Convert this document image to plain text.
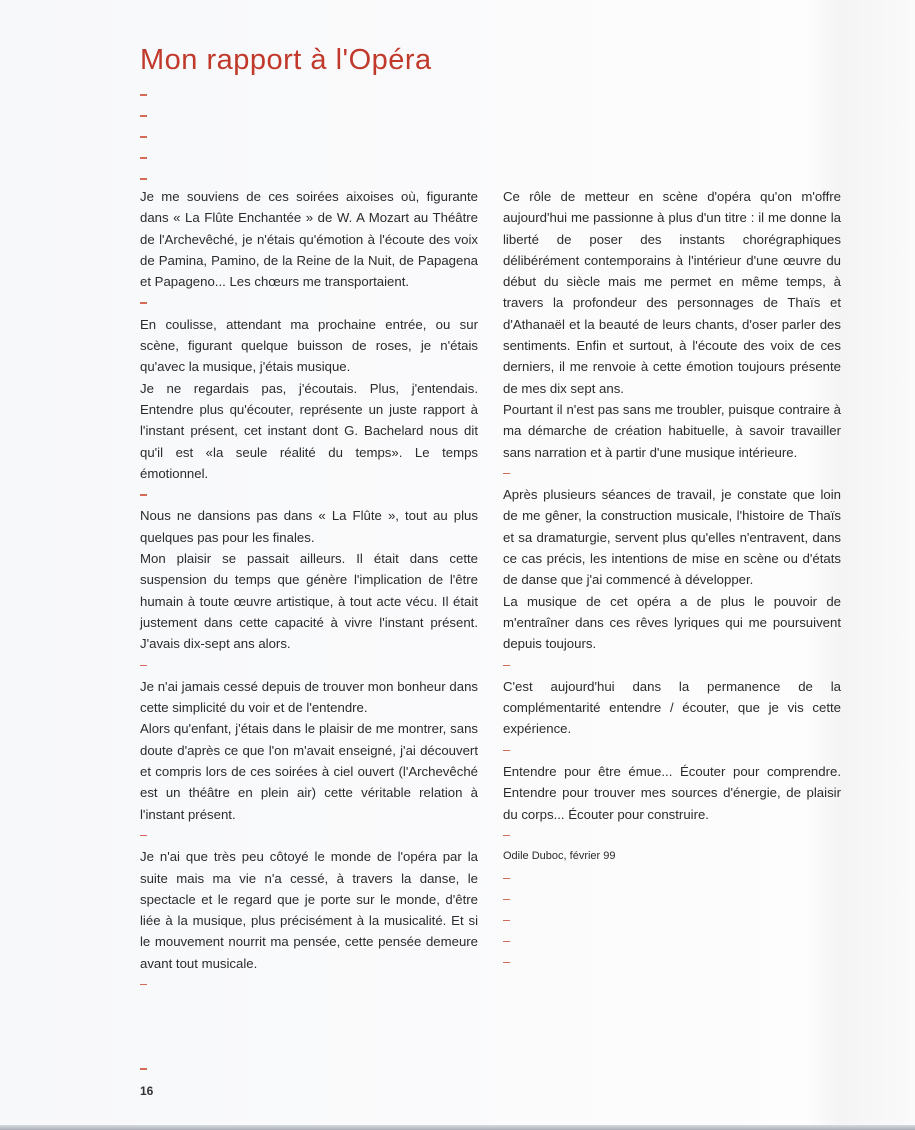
Mon rapport à l'Opéra

Je me souviens de ces soirées aixoises où, figurante dans « La Flûte Enchantée » de W. A Mozart au Théâtre de l'Archevêché, je n'étais qu'émotion à l'écoute des voix de Pamina, Pamino, de la Reine de la Nuit, de Papagena et Papageno... Les chœurs me transportaient.

En coulisse, attendant ma prochaine entrée, ou sur scène, figurant quelque buisson de roses, je n'étais qu'avec la musique, j'étais musique.

Je ne regardais pas, j'écoutais. Plus, j'entendais. Entendre plus qu'écouter, représente un juste rapport à l'instant présent, cet instant dont G. Bachelard nous dit qu'il est «la seule réalité du temps». Le temps émotionnel.

Nous ne dansions pas dans « La Flûte », tout au plus quelques pas pour les finales.

Mon plaisir se passait ailleurs. Il était dans cette suspension du temps que génère l'implication de l'être humain à toute œuvre artistique, à tout acte vécu. Il était justement dans cette capacité à vivre l'instant présent. J'avais dix-sept ans alors.

Je n'ai jamais cessé depuis de trouver mon bonheur dans cette simplicité du voir et de l'entendre.

Alors qu'enfant, j'étais dans le plaisir de me montrer, sans doute d'après ce que l'on m'avait enseigné, j'ai découvert et compris lors de ces soirées à ciel ouvert (l'Archevêché est un théâtre en plein air) cette véritable relation à l'instant présent.

Je n'ai que très peu côtoyé le monde de l'opéra par la suite mais ma vie n'a cessé, à travers la danse, le spectacle et le regard que je porte sur le monde, d'être liée à la musique, plus précisément à la musicalité. Et si le mouvement nourrit ma pensée, cette pensée demeure avant tout musicale.

Ce rôle de metteur en scène d'opéra qu'on m'offre aujourd'hui me passionne à plus d'un titre : il me donne la liberté de poser des instants chorégraphiques délibérément contemporains à l'intérieur d'une œuvre du début du siècle mais me permet en même temps, à travers la profondeur des personnages de Thaïs et d'Athanaël et la beauté de leurs chants, d'oser parler des sentiments. Enfin et surtout, à l'écoute des voix de ces derniers, il me renvoie à cette émotion toujours présente de mes dix sept ans.

Pourtant il n'est pas sans me troubler, puisque contraire à ma démarche de création habituelle, à savoir travailler sans narration et à partir d'une musique intérieure.

Après plusieurs séances de travail, je constate que loin de me gêner, la construction musicale, l'histoire de Thaïs et sa dramaturgie, servent plus qu'elles n'entravent, dans ce cas précis, les intentions de mise en scène ou d'états de danse que j'ai commencé à développer.

La musique de cet opéra a de plus le pouvoir de m'entraîner dans ces rêves lyriques qui me poursuivent depuis toujours.

C'est aujourd'hui dans la permanence de la complémentarité entendre / écouter, que je vis cette expérience.

Entendre pour être émue... Écouter pour comprendre. Entendre pour trouver mes sources d'énergie, de plaisir du corps... Écouter pour construire.

Odile Duboc, février 99

16
